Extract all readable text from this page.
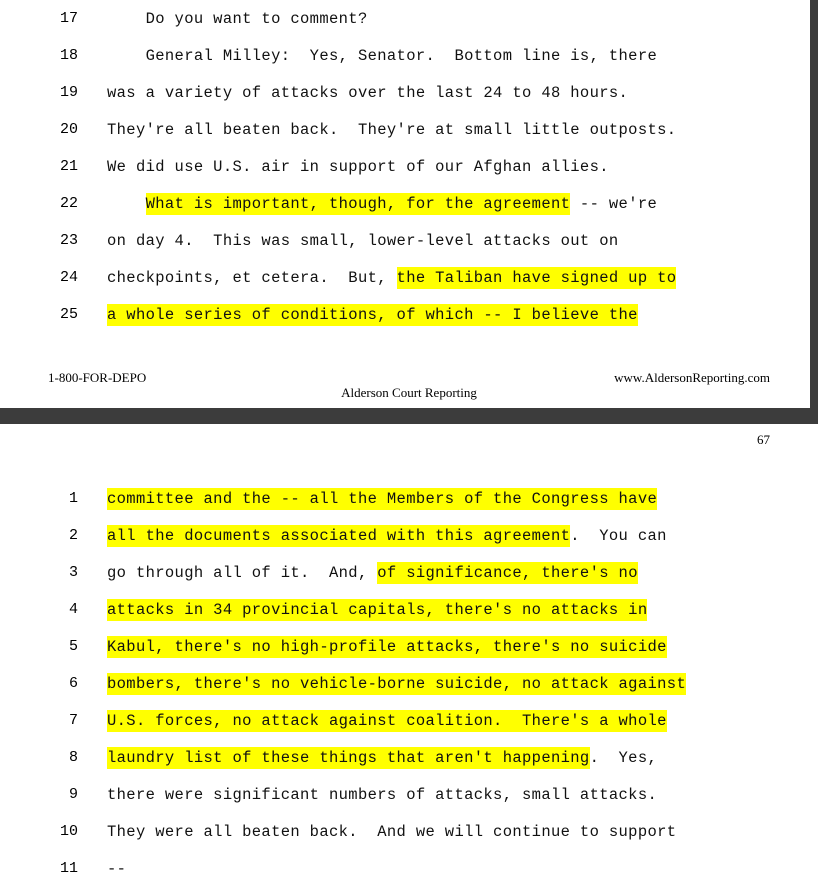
17 Do you want to comment?
18 General Milley:  Yes, Senator.  Bottom line is, there
19 was a variety of attacks over the last 24 to 48 hours.
20 They're all beaten back.  They're at small little outposts.
21 We did use U.S. air in support of our Afghan allies.
22	What is important, though, for the agreement -- we're
23 on day 4.  This was small, lower-level attacks out on
24 checkpoints, et cetera.  But, the Taliban have signed up to
25 a whole series of conditions, of which -- I believe the
1-800-FOR-DEPO	www.AldersonReporting.com
Alderson Court Reporting
67
1 committee and the -- all the Members of the Congress have
2 all the documents associated with this agreement.  You can
3 go through all of it.  And, of significance, there's no
4 attacks in 34 provincial capitals, there's no attacks in
5 Kabul, there's no high-profile attacks, there's no suicide
6 bombers, there's no vehicle-borne suicide, no attack against
7 U.S. forces, no attack against coalition.  There's a whole
8 laundry list of these things that aren't happening.  Yes,
9 there were significant numbers of attacks, small attacks.
10 They were all beaten back.  And we will continue to support
11 --
